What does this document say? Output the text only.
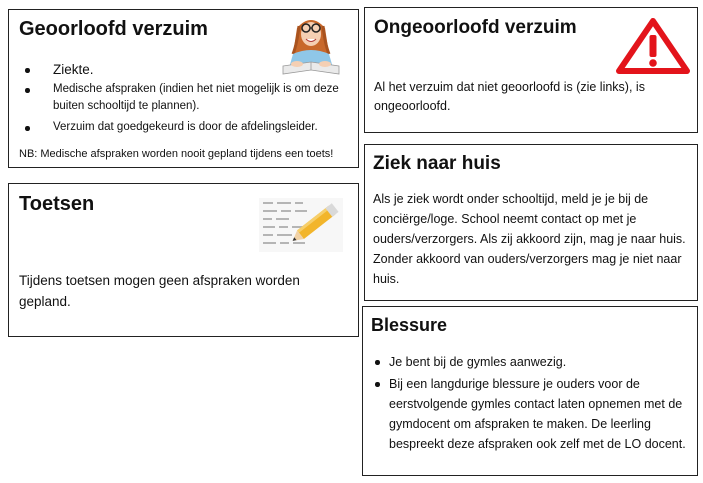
Geoorloofd verzuim
Ziekte.
Medische afspraken (indien het niet mogelijk is om deze buiten schooltijd te plannen).
Verzuim dat goedgekeurd is door de afdelingsleider.
NB: Medische afspraken worden nooit gepland tijdens een toets!
Ongeoorloofd verzuim

Al het verzuim dat niet geoorloofd is (zie links), is ongeoorloofd.

Ziek naar huis

Als je ziek wordt onder schooltijd, meld je je bij de conciërge/loge. School neemt contact op met je ouders/verzorgers. Als zij akkoord zijn, mag je naar huis. Zonder akkoord van ouders/verzorgers mag je niet naar huis.

Toetsen

Tijdens toetsen mogen geen afspraken worden gepland.

Blessure
Je bent bij de gymles aanwezig.
Bij een langdurige blessure je ouders voor de eerstvolgende gymles contact laten opnemen met de gymdocent om afspraken te maken. De leerling bespreekt deze afspraken ook zelf met de LO docent.
